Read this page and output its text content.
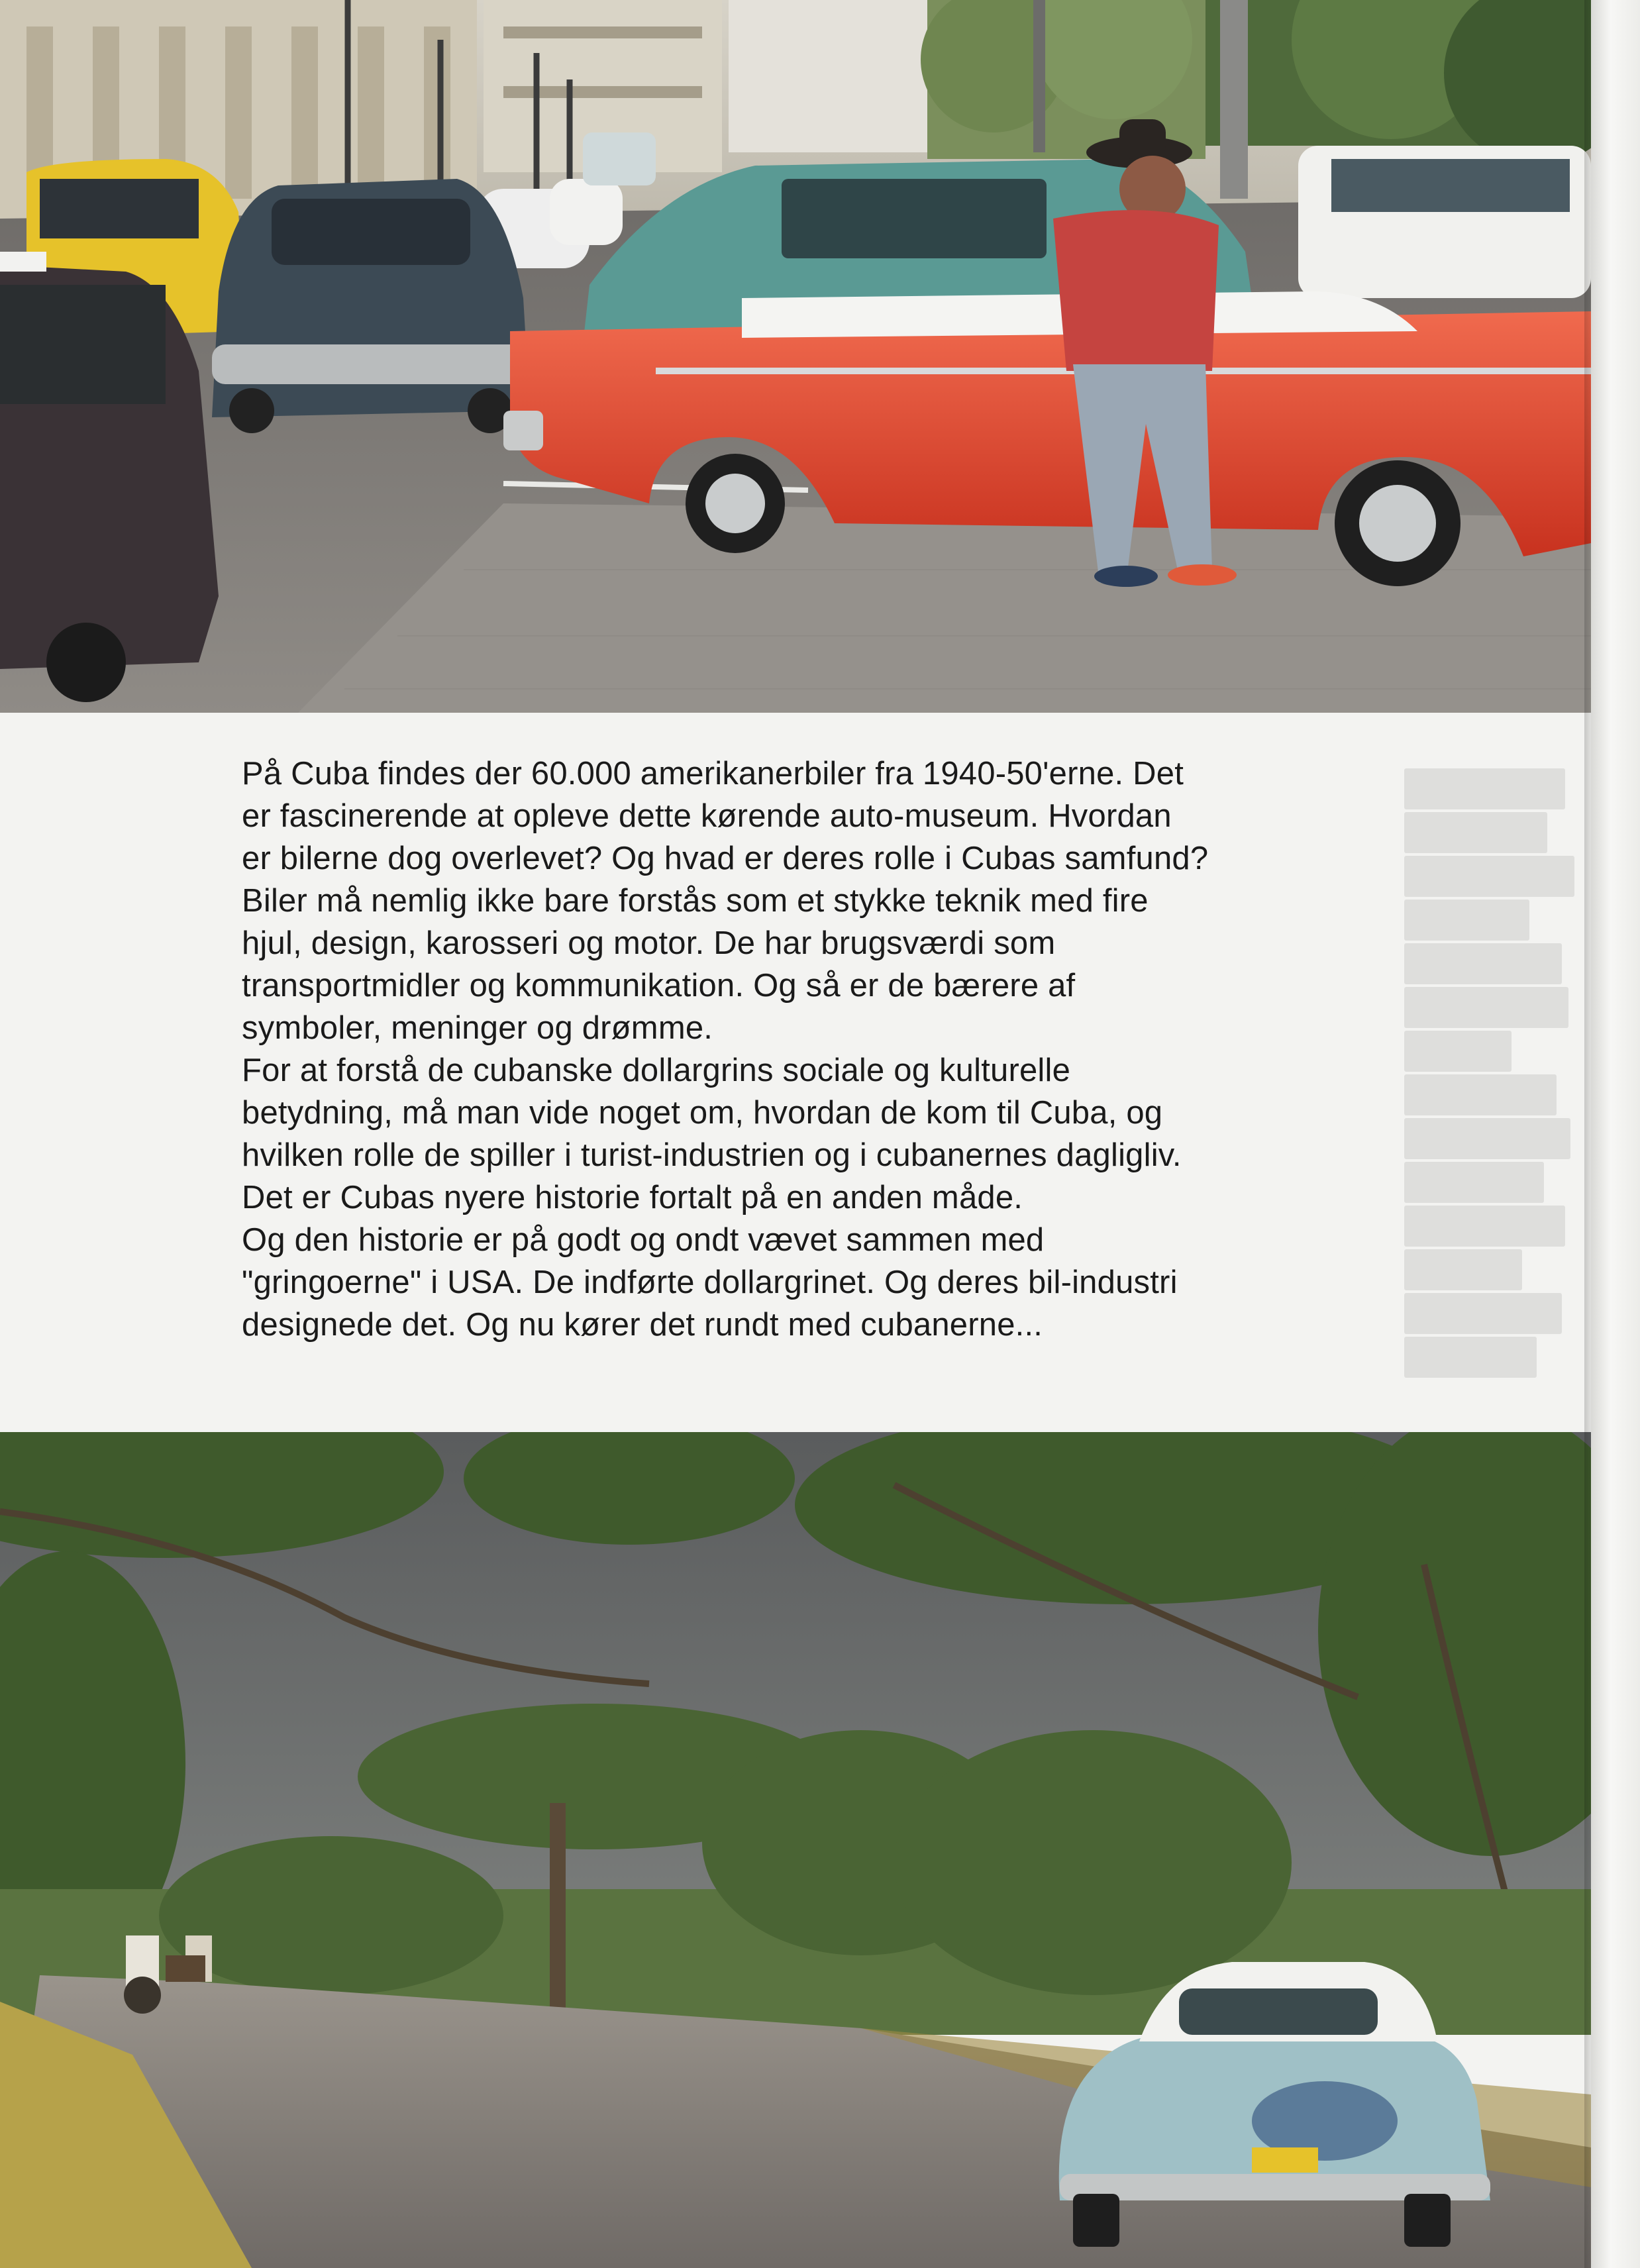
På Cuba findes der 60.000 amerikanerbiler fra 1940-50'erne. Det

er fascinerende at opleve dette kørende auto-museum. Hvordan

er bilerne dog overlevet? Og hvad er deres rolle i Cubas samfund?

Biler må nemlig ikke bare forstås som et stykke teknik med fire

hjul, design, karosseri og motor. De har brugsværdi som

transportmidler og kommunikation. Og så er de bærere af

symboler, meninger og drømme.

For at forstå de cubanske dollargrins sociale og kulturelle

betydning, må man vide noget om, hvordan de kom til Cuba, og

hvilken rolle de spiller i turist-industrien og i cubanernes dagligliv.

Det er Cubas nyere historie fortalt på en anden måde.

Og den historie er på godt og ondt vævet sammen med

"gringoerne" i USA. De indførte dollargrinet. Og deres bil-industri

designede det. Og nu kører det rundt med cubanerne...
